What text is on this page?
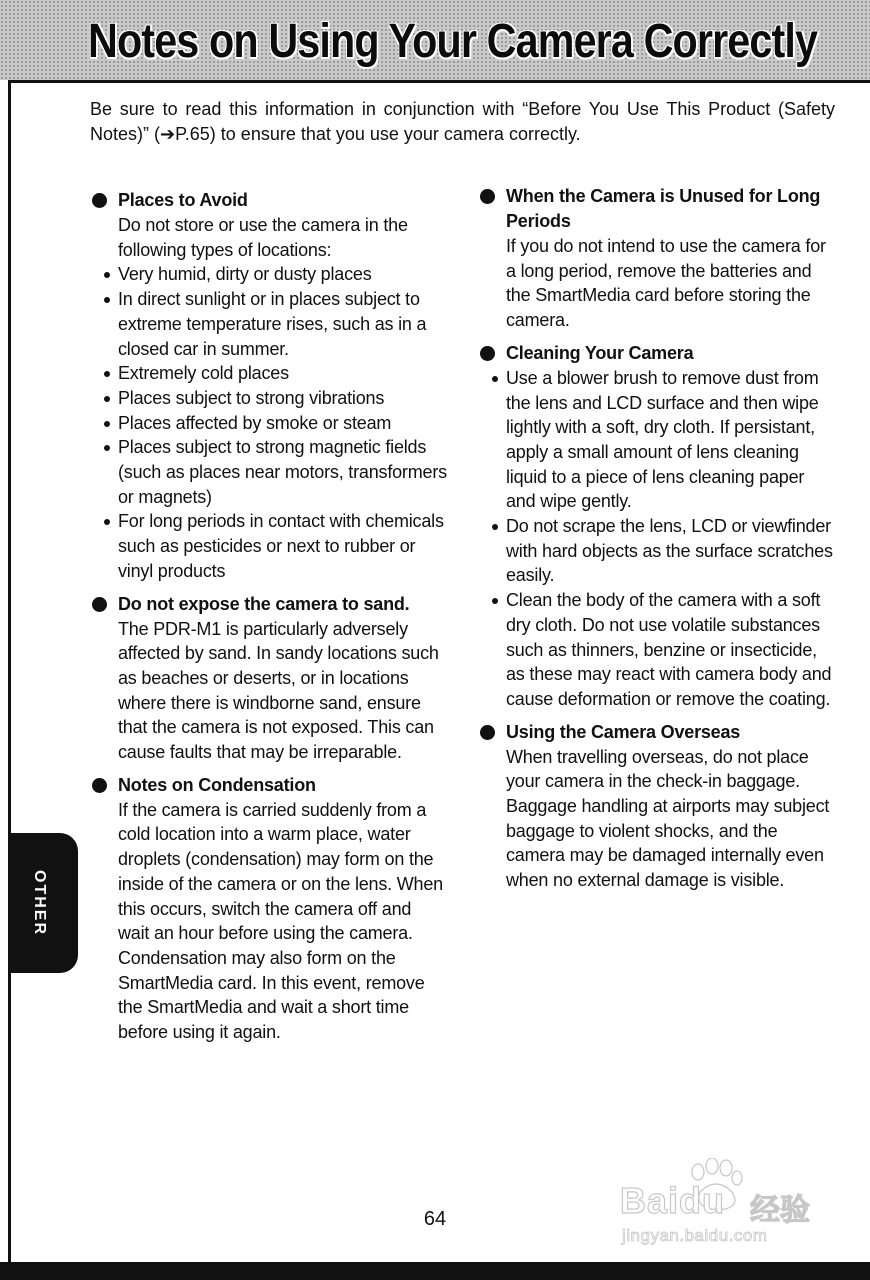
Notes on Using Your Camera Correctly

Be sure to read this information in conjunction with “Before You Use This Product (Safety Notes)” (➔P.65) to ensure that you use your camera correctly.

Places to Avoid

Do not store or use the camera in the following types of locations:

Very humid, dirty or dusty places
In direct sunlight or in places subject to extreme temperature rises, such as in a closed car in summer.
Extremely cold places
Places subject to strong vibrations
Places affected by smoke or steam
Places subject to strong magnetic fields (such as places near motors, transformers or magnets)
For long periods in contact with chemicals such as pesticides or next to rubber or vinyl products
Do not expose the camera to sand.

The PDR-M1 is particularly adversely affected by sand. In sandy locations such as beaches or deserts, or in locations where there is windborne sand, ensure that the camera is not exposed. This can cause faults that may be irreparable.

Notes on Condensation

If the camera is carried suddenly from a cold location into a warm place, water droplets (condensation) may form on the inside of the camera or on the lens. When this occurs, switch the camera off and wait an hour before using the camera. Condensation may also form on the SmartMedia card. In this event, remove the SmartMedia and wait a short time before using it again.

When the Camera is Unused for Long Periods

If you do not intend to use the camera for a long period, remove the batteries and the SmartMedia card before storing the camera.

Cleaning Your Camera
Use a blower brush to remove dust from the lens and LCD surface and then wipe lightly with a soft, dry cloth. If persistant, apply a small amount of lens cleaning liquid to a piece of lens cleaning paper and wipe gently.
Do not scrape the lens, LCD or viewfinder with hard objects as the surface scratches easily.
Clean the body of the camera with a soft dry cloth. Do not use volatile substances such as thinners, benzine or insecticide, as these may react with camera body and cause deformation or remove the coating.
Using the Camera Overseas

When travelling overseas, do not place your camera in the check-in baggage. Baggage handling at airports may subject baggage to violent shocks, and the camera may be damaged internally even when no external damage is visible.

OTHER
64	Baidu 经验
jingyan.baidu.com
